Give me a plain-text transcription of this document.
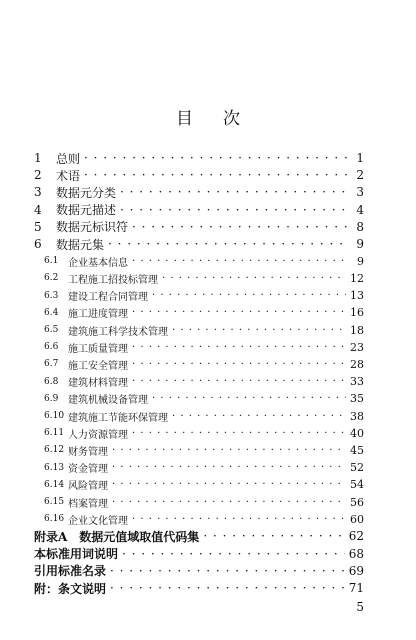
目次
1	总则 · · ·	1
2	术语 · · ·	2
3	数据元分类 · · ·	3
4	数据元描述 · · ·	4
5	数据元标识符 · · ·	8
6	数据元集 · · ·	9
6.1 企业基本信息 · · ·	9
6.2 工程施工招投标管理 · · ·	12
6.3 建设工程合同管理 · · ·	13
6.4 施工进度管理 · · ·	16
6.5 建筑施工科学技术管理 · · ·	18
6.6 施工质量管理 · · ·	23
6.7 施工安全管理 · · ·	28
6.8 建筑材料管理 · · ·	33
6.9 建筑机械设备管理 · · ·	35
6.10 建筑施工节能环保管理 · · ·	38
6.11 人力资源管理 · · ·	40
6.12 财务管理 · · ·	45
6.13 资金管理 · · ·	52
6.14 风险管理 · · ·	54
6.15 档案管理 · · ·	56
6.16 企业文化管理 · · ·	60
附录A　数据元值域取值代码集 · · ·	62
本标准用词说明 · · ·	68
引用标准名录 · · ·	69
附：条文说明 · · ·	71
5
